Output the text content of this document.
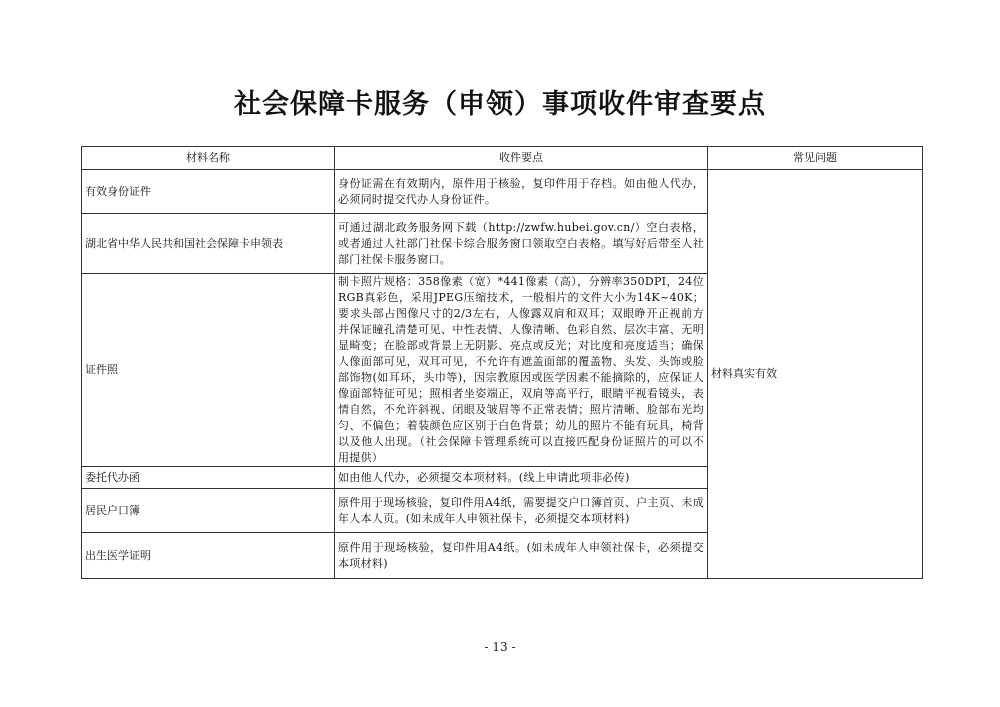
社会保障卡服务（申领）事项收件审查要点
材料名称	收件要点	常见问题
有效身份证件	身份证需在有效期内，原件用于核验，复印件用于存档。如由他人代办，必须同时提交代办人身份证件。	材料真实有效
湖北省中华人民共和国社会保障卡申领表	可通过湖北政务服务网下载（http://zwfw.hubei.gov.cn/）空白表格，或者通过人社部门社保卡综合服务窗口领取空白表格。填写好后带至人社部门社保卡服务窗口。	
证件照	制卡照片规格：358像素（宽）*441像素（高），分辨率350DPI，24位RGB真彩色，采用JPEG压缩技术，一般相片的文件大小为14K~40K；要求头部占图像尺寸的2/3左右，人像露双肩和双耳；双眼睁开正视前方并保证瞳孔清楚可见、中性表情、人像清晰、色彩自然、层次丰富、无明显畸变；在脸部或背景上无阴影、亮点或反光；对比度和亮度适当；确保人像面部可见，双耳可见，不允许有遮盖面部的覆盖物、头发、头饰或脸部饰物(如耳环，头巾等)，因宗教原因或医学因素不能摘除的，应保证人像面部特征可见；照相者坐姿端正，双肩等高平行，眼睛平视看镜头，表情自然，不允许斜视、闭眼及皱眉等不正常表情；照片清晰、脸部布光均匀、不偏色；着装颜色应区别于白色背景；幼儿的照片不能有玩具，椅背以及他人出现。（社会保障卡管理系统可以直接匹配身份证照片的可以不用提供）	
委托代办函	如由他人代办，必须提交本项材料。(线上申请此项非必传)	
居民户口簿	原件用于现场核验，复印件用A4纸，需要提交户口簿首页、户主页、未成年人本人页。(如未成年人申领社保卡，必须提交本项材料)	
出生医学证明	原件用于现场核验，复印件用A4纸。(如未成年人申领社保卡，必须提交本项材料)	
- 13 -
